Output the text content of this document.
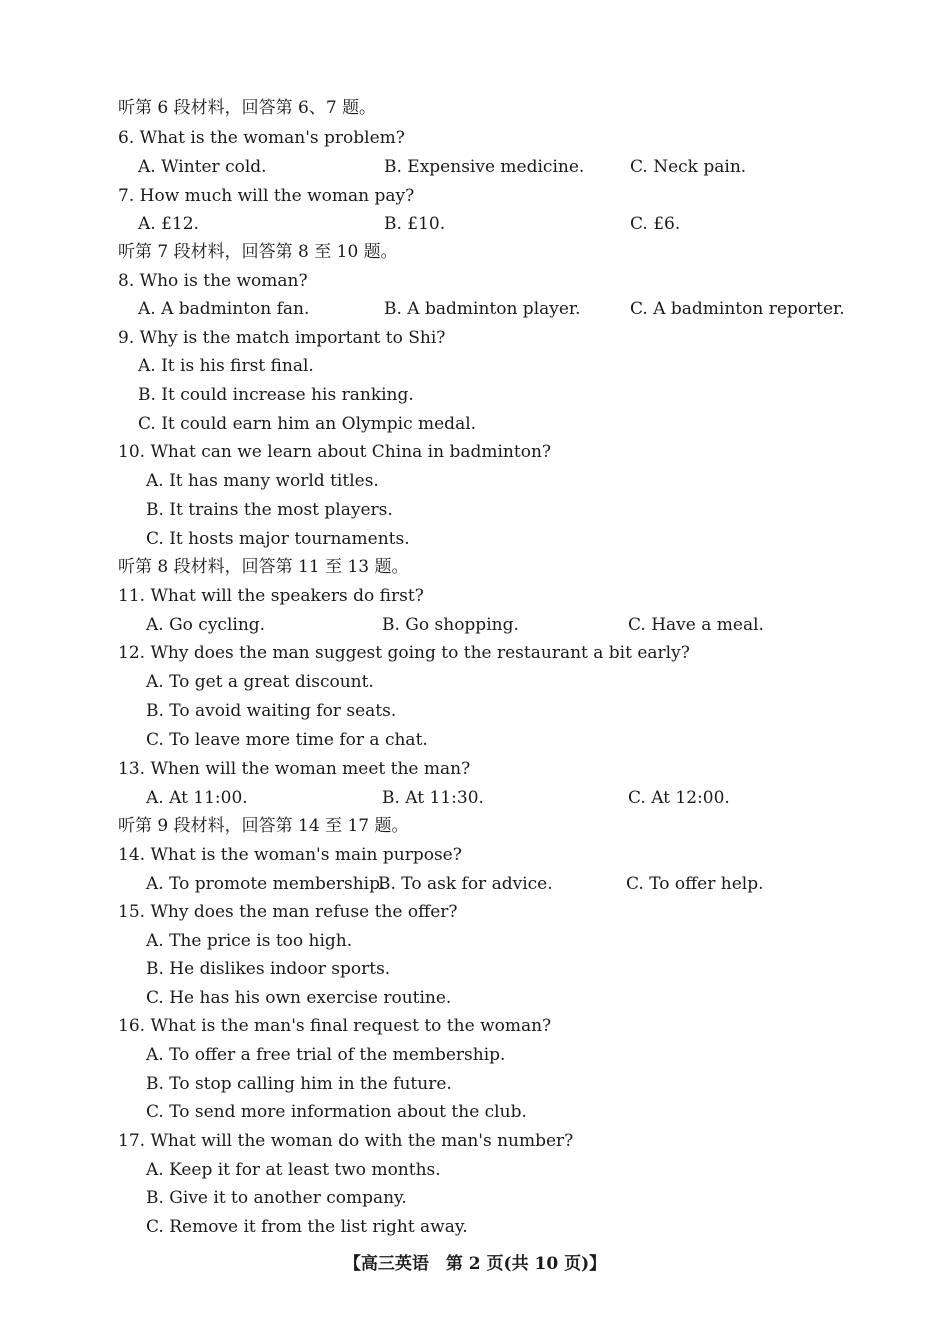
听第 6 段材料，回答第 6、7 题。
6. What is the woman's problem?
A. Winter cold.	B. Expensive medicine.	C. Neck pain.
7. How much will the woman pay?
A. £12.	B. £10.	C. £6.
听第 7 段材料，回答第 8 至 10 题。
8. Who is the woman?
A. A badminton fan.	B. A badminton player.	C. A badminton reporter.
9. Why is the match important to Shi?
A. It is his first final.
B. It could increase his ranking.
C. It could earn him an Olympic medal.
10. What can we learn about China in badminton?
A. It has many world titles.
B. It trains the most players.
C. It hosts major tournaments.
听第 8 段材料，回答第 11 至 13 题。
11. What will the speakers do first?
A. Go cycling.	B. Go shopping.	C. Have a meal.
12. Why does the man suggest going to the restaurant a bit early?
A. To get a great discount.
B. To avoid waiting for seats.
C. To leave more time for a chat.
13. When will the woman meet the man?
A. At 11:00.	B. At 11:30.	C. At 12:00.
听第 9 段材料，回答第 14 至 17 题。
14. What is the woman's main purpose?
A. To promote membership.
B. To ask for advice.	C. To offer help.
15. Why does the man refuse the offer?
A. The price is too high.
B. He dislikes indoor sports.
C. He has his own exercise routine.
16. What is the man's final request to the woman?
A. To offer a free trial of the membership.
B. To stop calling him in the future.
C. To send more information about the club.
17. What will the woman do with the man's number?
A. Keep it for at least two months.
B. Give it to another company.
C. Remove it from the list right away.
【高三英语　第 2 页(共 10 页)】
